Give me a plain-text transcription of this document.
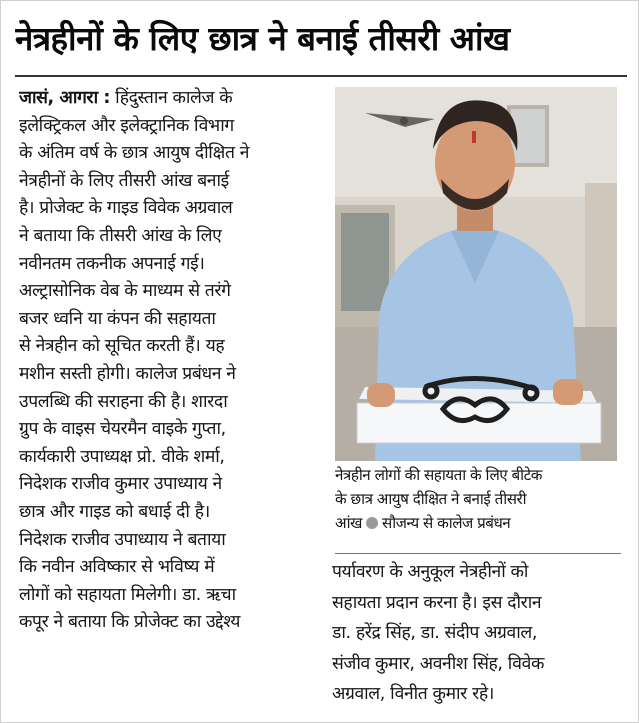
नेत्रहीनों के लिए छात्र ने बनाई तीसरी आंख
जासं, आगरा : हिंदुस्तान कालेज के
इलेक्ट्रिकल और इलेक्ट्रानिक विभाग
के अंतिम वर्ष के छात्र आयुष दीक्षित ने
नेत्रहीनों के लिए तीसरी आंख बनाई
है। प्रोजेक्ट के गाइड विवेक अग्रवाल
ने बताया कि तीसरी आंख के लिए
नवीनतम तकनीक अपनाई गई।
अल्ट्रासोनिक वेब के माध्यम से तरंगे
बजर ध्वनि या कंपन की सहायता
से नेत्रहीन को सूचित करती हैं। यह
मशीन सस्ती होगी। कालेज प्रबंधन ने
उपलब्धि की सराहना की है। शारदा
ग्रुप के वाइस चेयरमैन वाइके गुप्ता,
कार्यकारी उपाध्यक्ष प्रो. वीके शर्मा,
निदेशक राजीव कुमार उपाध्याय ने
छात्र और गाइड को बधाई दी है।
निदेशक राजीव उपाध्याय ने बताया
कि नवीन अविष्कार से भविष्य में
लोगों को सहायता मिलेगी। डा. ऋचा
कपूर ने बताया कि प्रोजेक्ट का उद्देश्य
नेत्रहीन लोगों की सहायता के लिए बीटेक
के छात्र आयुष दीक्षित ने बनाई तीसरी
आंख सौजन्य से कालेज प्रबंधन
पर्यावरण के अनुकूल नेत्रहीनों को
सहायता प्रदान करना है। इस दौरान
डा. हरेंद्र सिंह, डा. संदीप अग्रवाल,
संजीव कुमार, अवनीश सिंह, विवेक
अग्रवाल, विनीत कुमार रहे।
